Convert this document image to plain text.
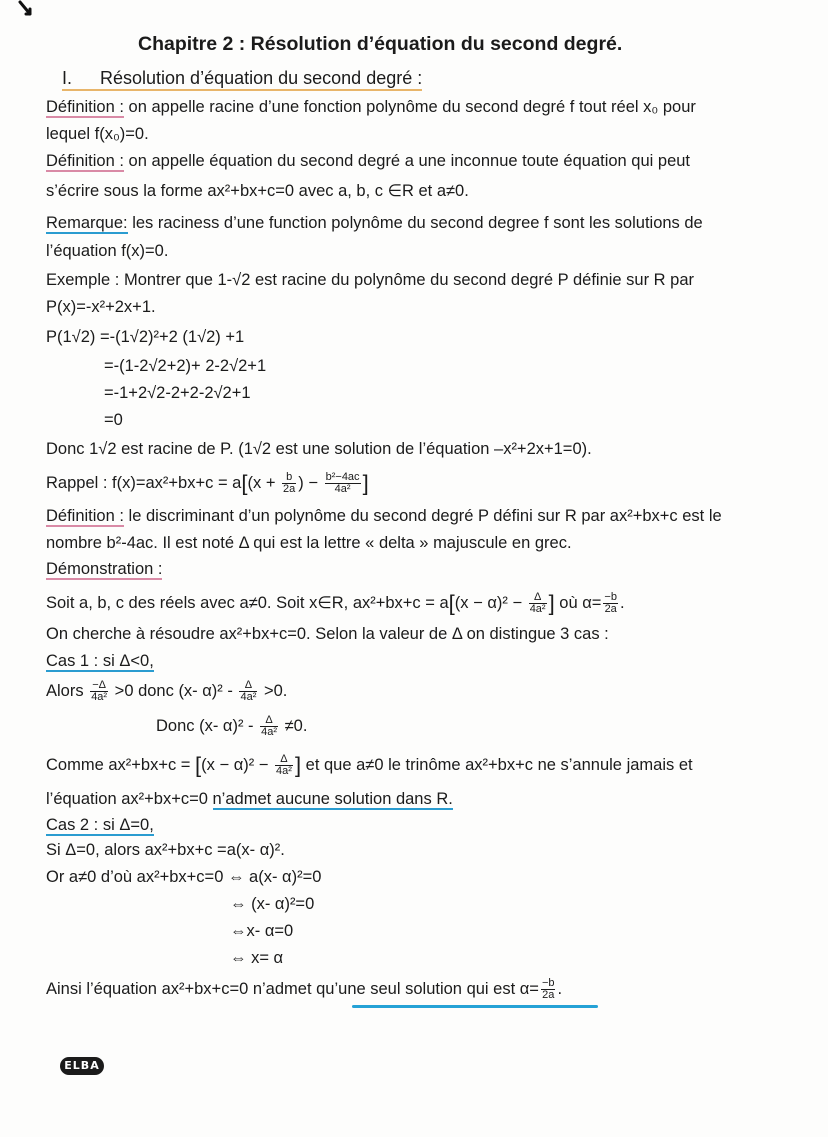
Chapitre 2 : Résolution d’équation du second degré.
I. Résolution d’équation du second degré :
Définition : on appelle racine d’une fonction polynôme du second degré f tout réel x₀ pour
lequel f(x₀)=0.
Définition : on appelle équation du second degré a une inconnue toute équation qui peut
s’écrire sous la forme ax²+bx+c=0 avec a, b, c ∈R et a≠0.
Remarque: les raciness d’une function polynôme du second degree f sont les solutions de
l’équation f(x)=0.
Exemple : Montrer que 1-√2 est racine du polynôme du second degré P définie sur R par
P(x)=-x²+2x+1.
P(1√2) =-(1√2)²+2 (1√2) +1
=-(1-2√2+2)+ 2-2√2+1
=-1+2√2-2+2-2√2+1
=0
Donc 1√2 est racine de P. (1√2 est une solution de l’équation –x²+2x+1=0).
Rappel : $f(x)=ax^2+bx+c = a[(x + \frac{b}{2a}$ ) − $\frac{\text{b²−4ac}}{\text{4a²}}$ ]
Définition : le discriminant d’un polynôme du second degré P défini sur R par ax²+bx+c est le
nombre b²-4ac. Il est noté Δ qui est la lettre « delta » majuscule en grec.
Démonstration :
Soit a, b, c des réels avec a≠0. Soit x∈R, $ax^2+bx+c = a[(x - \alpha)^2 - \frac{\Delta}{\text{4a²}}$ ] où $\alpha= \frac{-b}{2a}$ .
On cherche à résoudre ax²+bx+c=0. Selon la valeur de Δ on distingue 3 cas :
Cas 1 : si Δ<0,
Alors $\frac{-\Delta}{\text{4a²}} >0$ donc (x- $\alpha)^2 - \frac{\Delta}{\text{4a²}} >0$.
Donc (x- $\alpha)^2 - \frac{\Delta}{\text{4a²}} \ne 0$.
Comme $ax^2+bx+c = [(x - \alpha)^2 - \frac{\Delta}{\text{4a²}}$ ] et que a≠0 le trinôme ax²+bx+c ne s’annule jamais et
l’équation ax²+bx+c=0 n’admet aucune solution dans R.
Cas 2 : si Δ=0,
Si Δ=0, alors ax²+bx+c =a(x- α)².
Or a≠0 d’où ax²+bx+c=0 ⇔ a(x- α)²=0
⇔ (x- α)²=0
⇔x- α=0
⇔ x= α
Ainsi l’équation ax²+bx+c=0 n’admet qu’une seul solution qui est $\alpha= \frac{-b}{2a}$ .
ELBA
